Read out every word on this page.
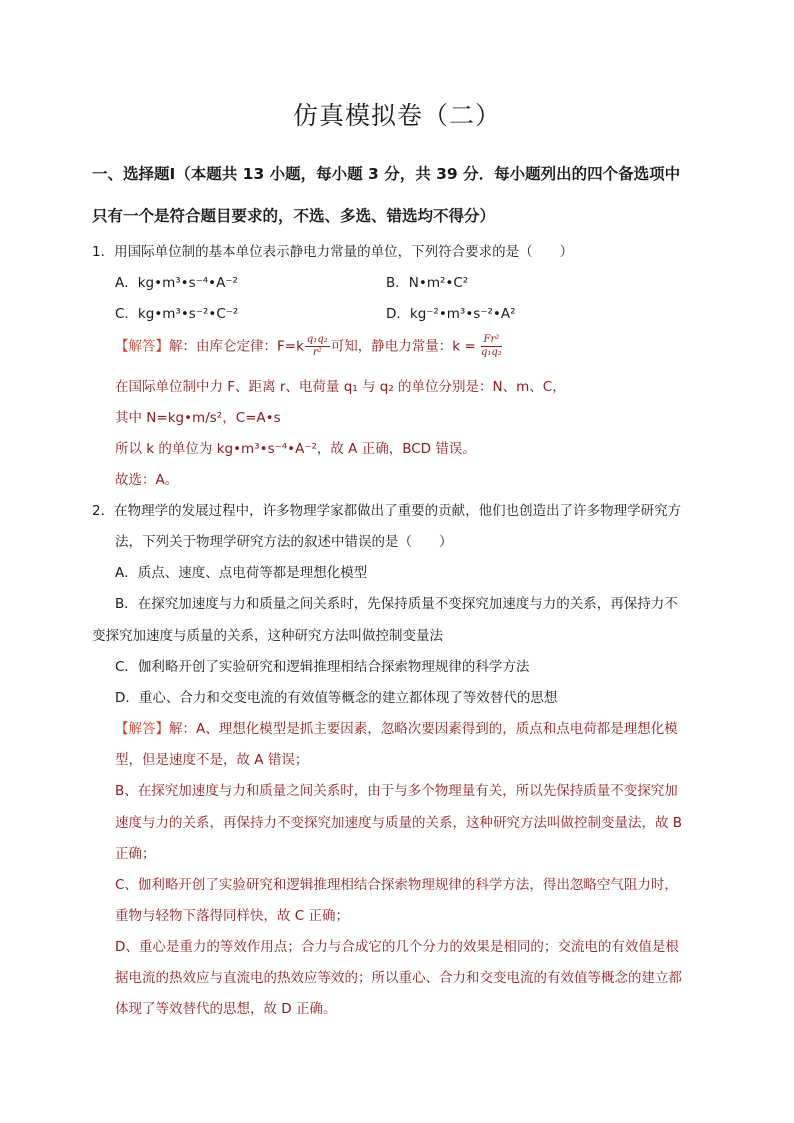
仿真模拟卷（二）
一、选择题Ⅰ（本题共 13 小题，每小题 3 分，共 39 分．每小题列出的四个备选项中
只有一个是符合题目要求的，不选、多选、错选均不得分）
1．用国际单位制的基本单位表示静电力常量的单位，下列符合要求的是（　　）
A．kg•m³•s⁻⁴•A⁻²	B．N•m²•C²
C．kg•m³•s⁻²•C⁻²	D．kg⁻²•m³•s⁻²•A²
【解答】解：由库仑定律：$F=k \frac{\text{q₁q₂}}{\text{r²}}$ 可知，静电力常量：$k = \frac{\text{Fr²}}{\text{q₁q₂}}$
在国际单位制中力 F、距离 r、电荷量 q₁ 与 q₂ 的单位分别是：N、m、C，
其中 N=kg•m/s²，C=A•s
所以 k 的单位为 kg•m³•s⁻⁴•A⁻²，故 A 正确，BCD 错误。
故选：A。
2．在物理学的发展过程中，许多物理学家都做出了重要的贡献，他们也创造出了许多物理学研究方
法，下列关于物理学研究方法的叙述中错误的是（　　）
A．质点、速度、点电荷等都是理想化模型
B．在探究加速度与力和质量之间关系时，先保持质量不变探究加速度与力的关系，再保持力不
变探究加速度与质量的关系，这种研究方法叫做控制变量法
C．伽利略开创了实验研究和逻辑推理相结合探索物理规律的科学方法
D．重心、合力和交变电流的有效值等概念的建立都体现了等效替代的思想
【解答】解：A、理想化模型是抓主要因素，忽略次要因素得到的，质点和点电荷都是理想化模
型，但是速度不是，故 A 错误；
B、在探究加速度与力和质量之间关系时，由于与多个物理量有关，所以先保持质量不变探究加
速度与力的关系，再保持力不变探究加速度与质量的关系，这种研究方法叫做控制变量法，故 B
正确；
C、伽利略开创了实验研究和逻辑推理相结合探索物理规律的科学方法，得出忽略空气阻力时，
重物与轻物下落得同样快，故 C 正确；
D、重心是重力的等效作用点；合力与合成它的几个分力的效果是相同的；交流电的有效值是根
据电流的热效应与直流电的热效应等效的；所以重心、合力和交变电流的有效值等概念的建立都
体现了等效替代的思想，故 D 正确。
